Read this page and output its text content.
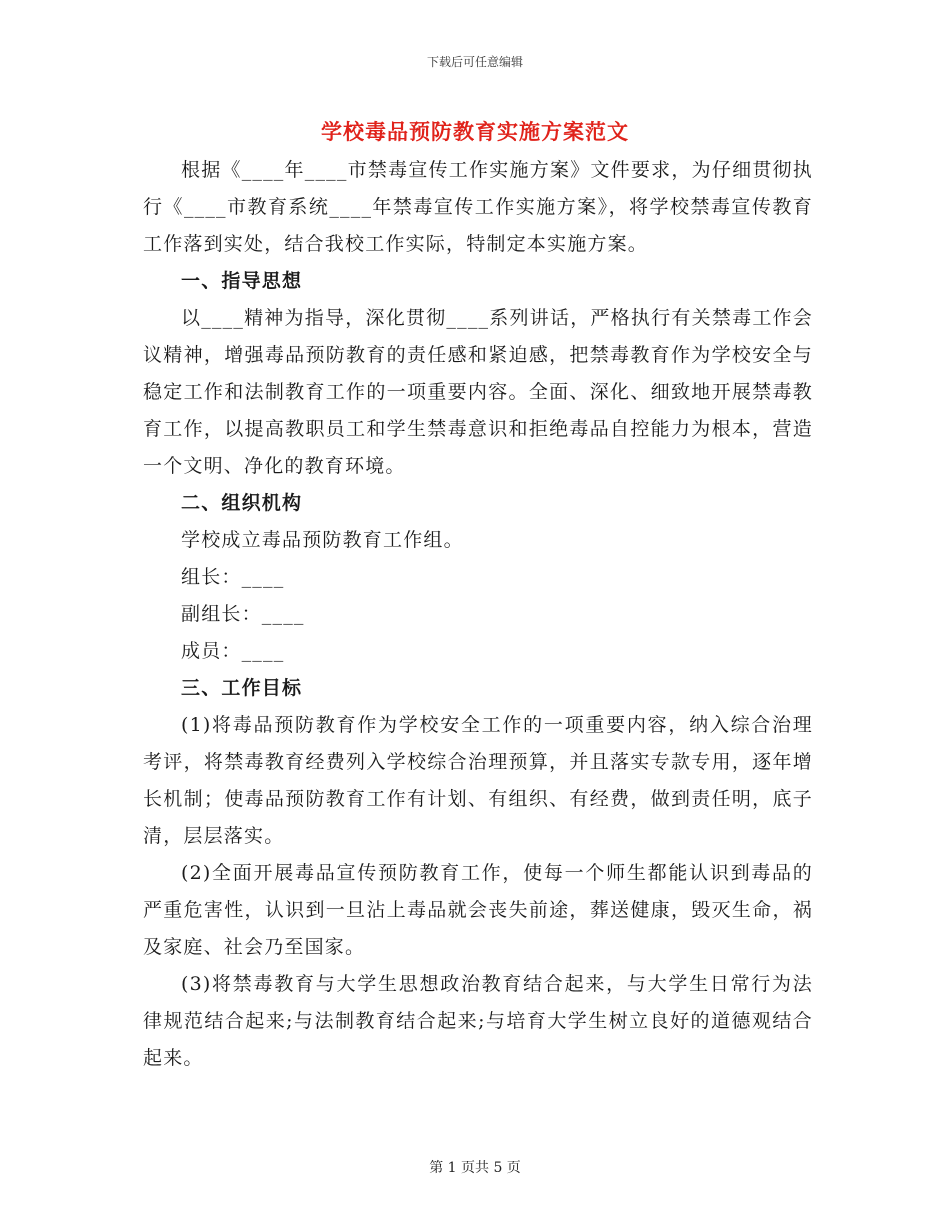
下载后可任意编辑
学校毒品预防教育实施方案范文

根据《____年____市禁毒宣传工作实施方案》文件要求，为仔细贯彻执行《____市教育系统____年禁毒宣传工作实施方案》，将学校禁毒宣传教育工作落到实处，结合我校工作实际，特制定本实施方案。

一、指导思想

以____精神为指导，深化贯彻____系列讲话，严格执行有关禁毒工作会议精神，增强毒品预防教育的责任感和紧迫感，把禁毒教育作为学校安全与稳定工作和法制教育工作的一项重要内容。全面、深化、细致地开展禁毒教育工作，以提高教职员工和学生禁毒意识和拒绝毒品自控能力为根本，营造一个文明、净化的教育环境。

二、组织机构

学校成立毒品预防教育工作组。

组长：____

副组长：____

成员：____

三、工作目标

(1)将毒品预防教育作为学校安全工作的一项重要内容，纳入综合治理考评，将禁毒教育经费列入学校综合治理预算，并且落实专款专用，逐年增长机制；使毒品预防教育工作有计划、有组织、有经费，做到责任明，底子清，层层落实。

(2)全面开展毒品宣传预防教育工作，使每一个师生都能认识到毒品的严重危害性，认识到一旦沾上毒品就会丧失前途，葬送健康，毁灭生命，祸及家庭、社会乃至国家。

(3)将禁毒教育与大学生思想政治教育结合起来，与大学生日常行为法律规范结合起来;与法制教育结合起来;与培育大学生树立良好的道德观结合起来。

第 1 页共 5 页
